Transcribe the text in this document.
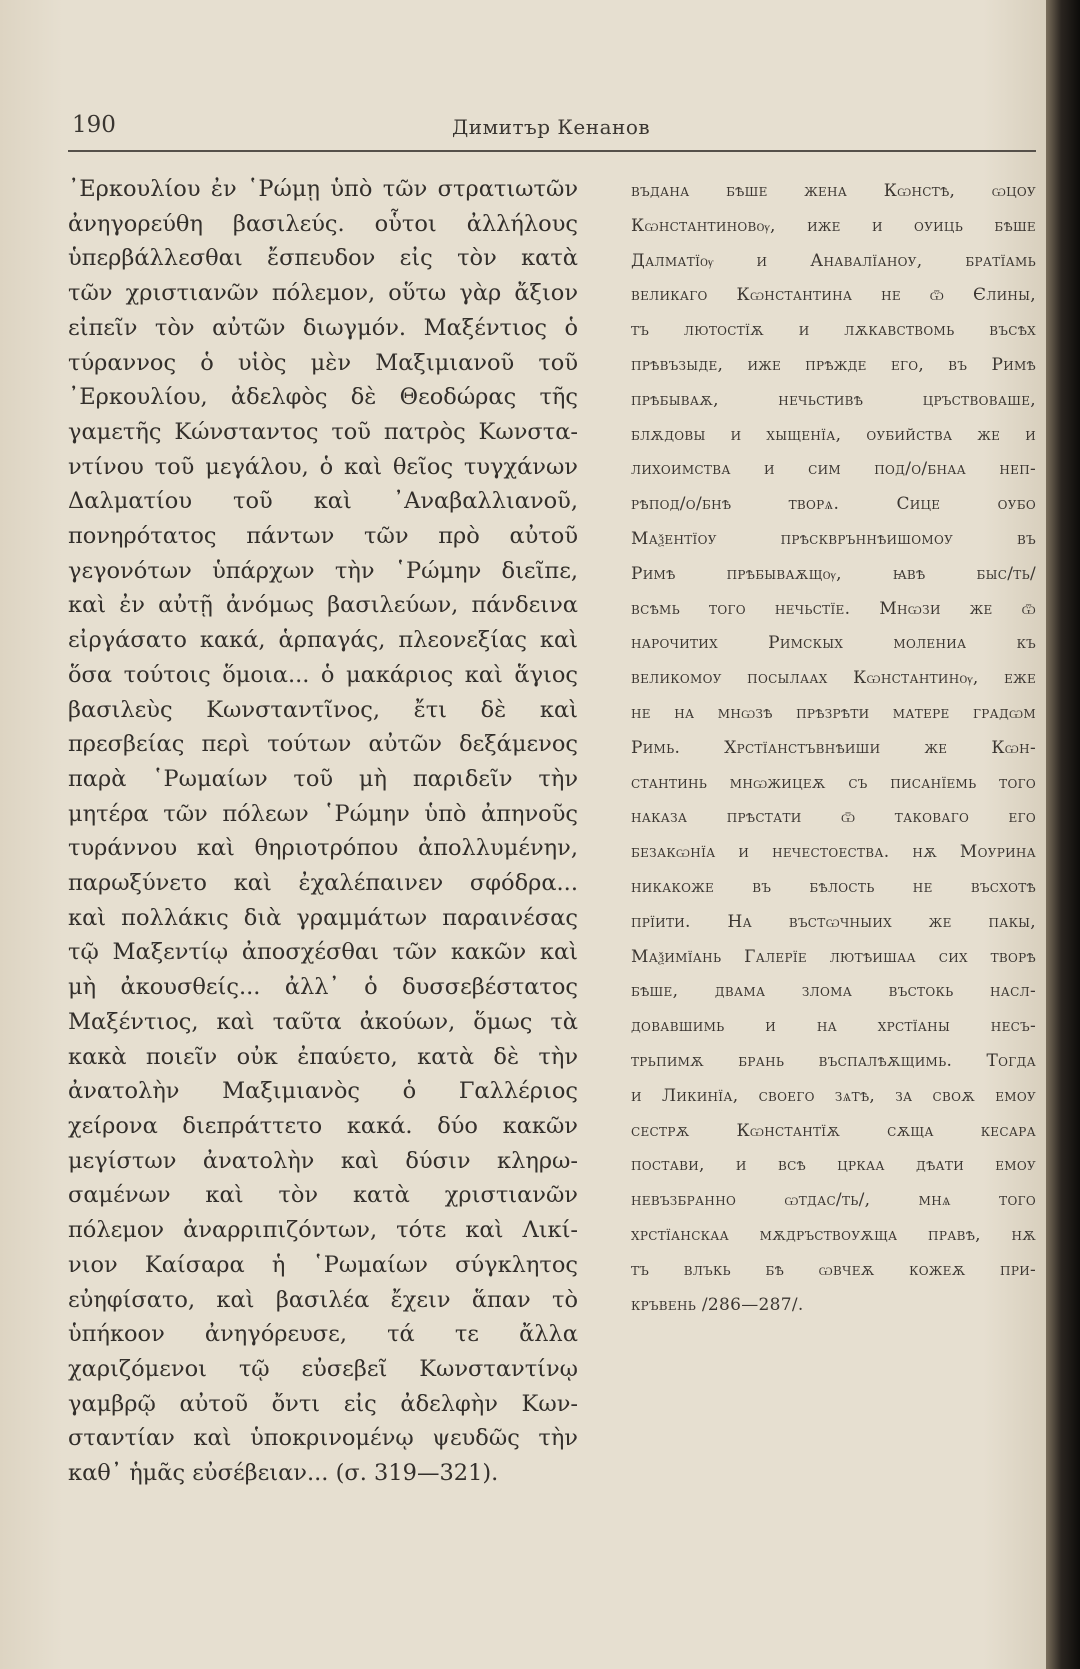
190	Димитър Кенанов
᾿Ερκουλίου ἐν ῾Ρώμῃ ὑπὸ τῶν στρατιωτῶν
ἀνηγορεύθη βασιλεύς. οὗτοι ἀλλήλους
ὑπερβάλλεσθαι ἔσπευδον εἰς τὸν κατὰ
τῶν χριστιανῶν πόλεμον, οὕτω γὰρ ἄξιον
εἰπεῖν τὸν αὐτῶν διωγμόν. Μαξέντιος ὁ
τύραννος ὁ υἱὸς μὲν Μαξιμιανοῦ τοῦ
᾿Ερκουλίου, ἀδελφὸς δὲ Θεοδώρας τῆς
γαμετῆς Κώνσταντος τοῦ πατρὸς Κωνστα-
ντίνου τοῦ μεγάλου, ὁ καὶ θεῖος τυγχάνων
Δαλματίου τοῦ καὶ ᾿Αναβαλλιανοῦ,
πονηρότατος πάντων τῶν πρὸ αὐτοῦ
γεγονότων ὑπάρχων τὴν ῾Ρώμην διεῖπε,
καὶ ἐν αὐτῇ ἀνόμως βασιλεύων, πάνδεινα
εἰργάσατο κακά, ἁρπαγάς, πλεονεξίας καὶ
ὅσα τούτοις ὅμοια... ὁ μακάριος καὶ ἅγιος
βασιλεὺς Κωνσταντῖνος, ἔτι δὲ καὶ
πρεσβείας περὶ τούτων αὐτῶν δεξάμενος
παρὰ ῾Ρωμαίων τοῦ μὴ παριδεῖν τὴν
μητέρα τῶν πόλεων ῾Ρώμην ὑπὸ ἀπηνοῦς
τυράννου καὶ θηριοτρόπου ἀπολλυμένην,
παρωξύνετο καὶ ἐχαλέπαινεν σφόδρα...
καὶ πολλάκις διὰ γραμμάτων παραινέσας
τῷ Μαξεντίῳ ἀποσχέσθαι τῶν κακῶν καὶ
μὴ ἀκουσθείς... ἀλλ᾿ ὁ δυσσεβέστατος
Μαξέντιος, καὶ ταῦτα ἀκούων, ὅμως τὰ
κακὰ ποιεῖν οὐκ ἐπαύετο, κατὰ δὲ τὴν
ἀνατολὴν Μαξιμιανὸς ὁ Γαλλέριος
χείρονα διεπράττετο κακά. δύο κακῶν
μεγίστων ἀνατολὴν καὶ δύσιν κληρω-
σαμένων καὶ τὸν κατὰ χριστιανῶν
πόλεμον ἀναρριπιζόντων, τότε καὶ Λικί-
νιον Καίσαρα ἡ ῾Ρωμαίων σύγκλητος
εὐηφίσατο, καὶ βασιλέα ἔχειν ἅπαν τὸ
ὑπήκοον ἀνηγόρευσε, τά τε ἄλλα
χαριζόμενοι τῷ εὐσεβεῖ Κωνσταντίνῳ
γαμβρῷ αὐτοῦ ὄντι εἰς ἀδελφὴν Κων-
σταντίαν καὶ ὑποκρινομένῳ ψευδῶς τὴν
καθ᾿ ἡμᾶς εὐσέβειαν... (σ. 319—321).
въдана бѣше жена Кѡнстѣ, ѡцоу
Кѡнстантиновѹ, иже и оуиць бѣше
Далматїѹ и Анавалїаноу, братїамь
великаго Кѡнстантина не ѿ Єлины,
тъ лютостїѫ и лѫкавствомь въсѣх
прѣвъзыде, иже прѣжде его, въ Римѣ
прѣбываѫ, нечьстивѣ цръствоваше,
блѫдовы и хыщенїа, оубийства же и
лихоимства и сим под/о/бнаа неп-
рѣпод/о/бнѣ творѧ. Сице оубо
Маѯентїоу прѣсквръннѣишомоу въ
Римѣ прѣбываѫщѹ, ꙗвѣ быс/ть/
всѣмь того нечьстїе. Мнѡзи же ѿ
нарочитих Римскых молениа къ
великомоу посылаах Кѡнстантинѹ, еже
не на мнѡзѣ прѣзрѣти матере градѡм
Римь. Хрстїанстъвнѣиши же Кѡн-
стантинь мнѡжицеѫ съ писанїемь того
наказа прѣстати ѿ таковаго его
безакѡнїа и нечестоества. нѫ Моурина
никакоже въ бѣлость не въсхотѣ
прїити. На въстѡчныих же пакы,
Маѯимїань Галерїе лютѣишаа сих творѣ
бѣше, двама злома въстокь насл-
довавшимь и на хрстїаны несъ-
трьпимѫ брань въспалѣѫщимь. Тогда
и Ликинїа, своего зѧтѣ, за своѫ емоу
сестрѫ Кѡнстантїѫ сѫща кесара
постави, и всѣ цркаа дѣати емоу
невъзбранно ѡтдас/ть/, мнѧ того
хрстїанскаа мѫдръствоуѫща правѣ, нѫ
тъ влъкь бѣ ѡвчеѫ кожеѫ при-
кръвень /286—287/.
